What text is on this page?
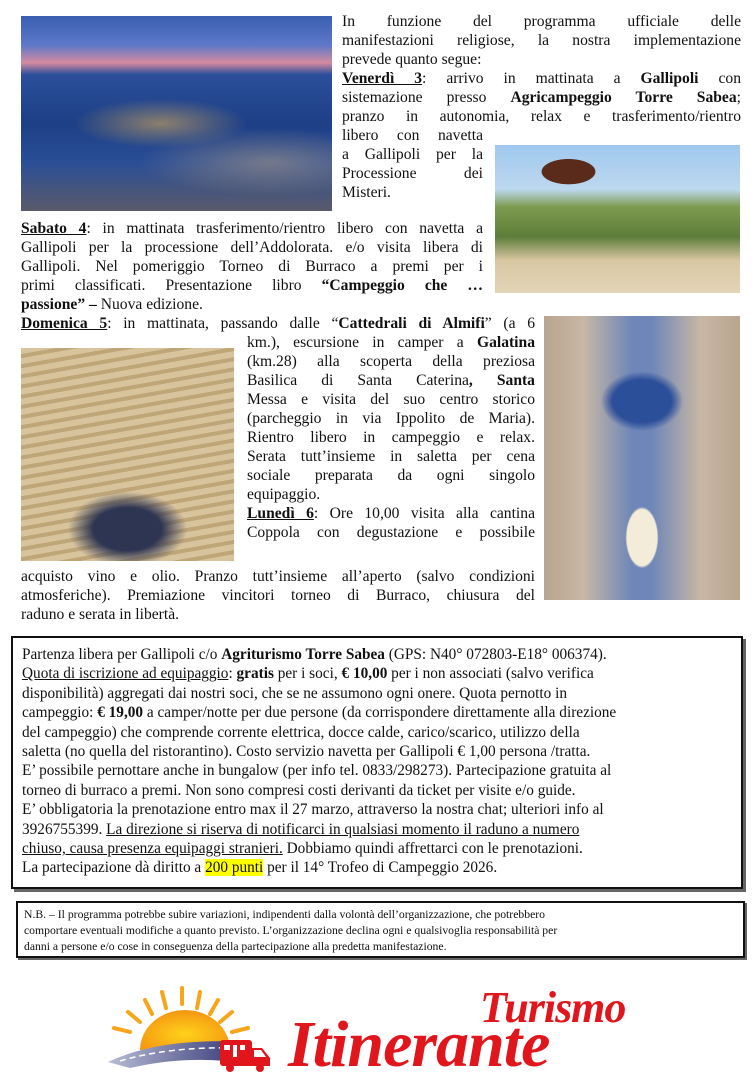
In funzione del programma ufficiale delle
manifestazioni religiose, la nostra implementazione
prevede quanto segue:
Venerdì 3: arrivo in mattinata a Gallipoli con
sistemazione presso Agricampeggio Torre Sabea;
pranzo in autonomia, relax e trasferimento/rientro
libero con navetta
a Gallipoli per la
Processione dei
Misteri.
Sabato 4: in mattinata trasferimento/rientro libero con navetta a
Gallipoli per la processione dell’Addolorata. e/o visita libera di
Gallipoli. Nel pomeriggio Torneo di Burraco a premi per i
primi classificati. Presentazione libro “Campeggio che …
passione” – Nuova edizione.
Domenica 5: in mattinata, passando dalle “Cattedrali di Almifi” (a 6
km.), escursione in camper a Galatina
(km.28) alla scoperta della preziosa
Basilica di Santa Caterina, Santa
Messa e visita del suo centro storico
(parcheggio in via Ippolito de Maria).
Rientro libero in campeggio e relax.
Serata tutt’insieme in saletta per cena
sociale preparata da ogni singolo
equipaggio.
Lunedì 6: Ore 10,00 visita alla cantina
Coppola con degustazione e possibile
acquisto vino e olio. Pranzo tutt’insieme all’aperto (salvo condizioni
atmosferiche). Premiazione vincitori torneo di Burraco, chiusura del
raduno e serata in libertà.
Partenza libera per Gallipoli c/o Agriturismo Torre Sabea (GPS: N40° 072803-E18° 006374).
Quota di iscrizione ad equipaggio: gratis per i soci, € 10,00 per i non associati (salvo verifica
disponibilità) aggregati dai nostri soci, che se ne assumono ogni onere. Quota pernotto in
campeggio: € 19,00 a camper/notte per due persone (da corrispondere direttamente alla direzione
del campeggio) che comprende corrente elettrica, docce calde, carico/scarico, utilizzo della
saletta (no quella del ristorantino). Costo servizio navetta per Gallipoli € 1,00 persona /tratta.
E’ possibile pernottare anche in bungalow (per info tel. 0833/298273). Partecipazione gratuita al
torneo di burraco a premi. Non sono compresi costi derivanti da ticket per visite e/o guide.
E’ obbligatoria la prenotazione entro max il 27 marzo, attraverso la nostra chat; ulteriori info al
3926755399. La direzione si riserva di notificarci in qualsiasi momento il raduno a numero
chiuso, causa presenza equipaggi stranieri. Dobbiamo quindi affrettarci con le prenotazioni.
La partecipazione dà diritto a 200 punti per il 14° Trofeo di Campeggio 2026.
N.B. – Il programma potrebbe subire variazioni, indipendenti dalla volontà dell’organizzazione, che potrebbero
comportare eventuali modifiche a quanto previsto. L’organizzazione declina ogni e qualsivoglia responsabilità per
danni a persone e/o cose in conseguenza della partecipazione alla predetta manifestazione.
Turismo
Itinerante
